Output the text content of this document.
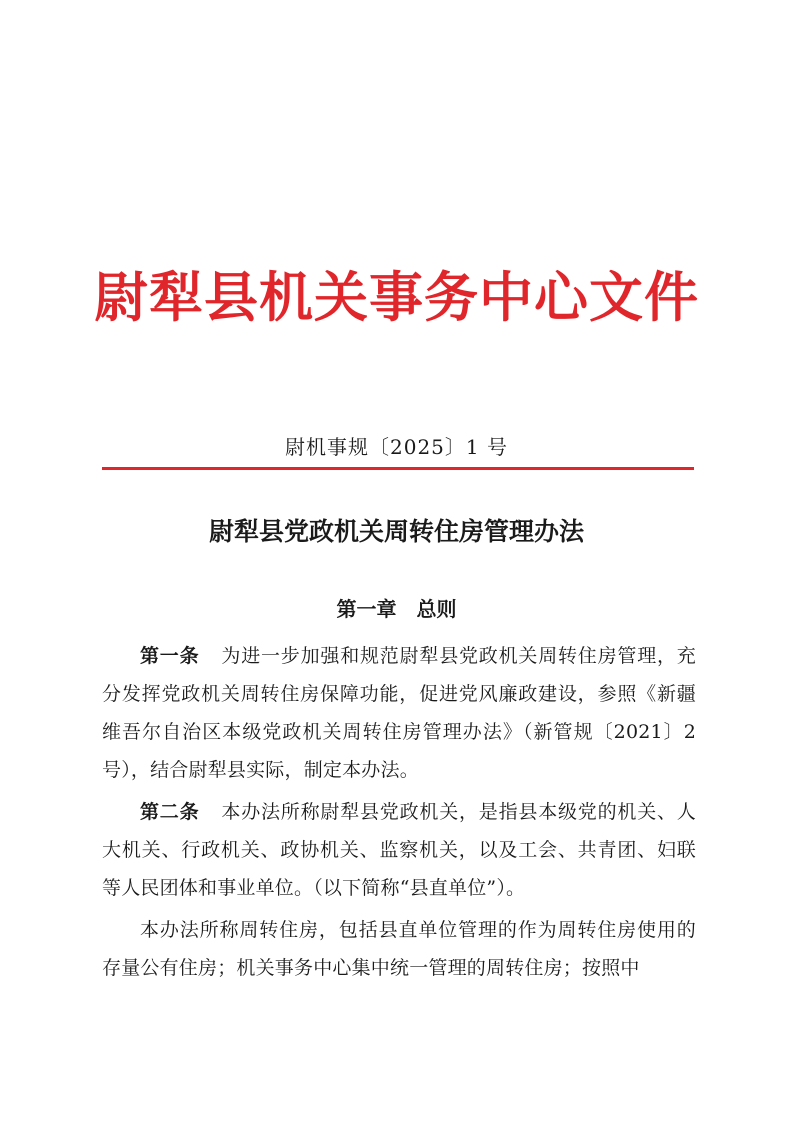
尉犁县机关事务中心文件
尉机事规〔2025〕1 号
尉犁县党政机关周转住房管理办法
第一章　总则

第一条 为进一步加强和规范尉犁县党政机关周转住房管理，充分发挥党政机关周转住房保障功能，促进党风廉政建设，参照《新疆维吾尔自治区本级党政机关周转住房管理办法》（新管规〔2021〕2 号），结合尉犁县实际，制定本办法。

第二条 本办法所称尉犁县党政机关，是指县本级党的机关、人大机关、行政机关、政协机关、监察机关，以及工会、共青团、妇联等人民团体和事业单位。（以下简称“县直单位”）。

本办法所称周转住房，包括县直单位管理的作为周转住房使用的存量公有住房；机关事务中心集中统一管理的周转住房；按照中
